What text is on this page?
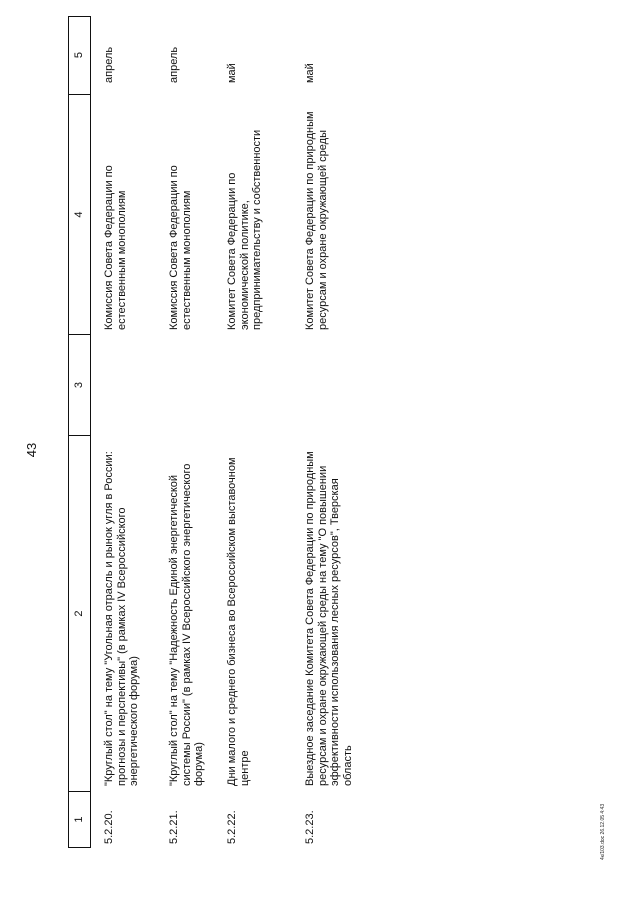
43
1
2
3
4
5
5.2.20.
"Круглый стол" на тему "Угольная отрасль и рынок угля в России: прогнозы и перспективы" (в рамках IV Всероссийского энергетического форума)
Комиссия Совета Федерации по естественным монополиям
апрель
5.2.21.
"Круглый стол" на тему "Надежность Единой энергетической системы России" (в рамках IV Всероссийского энергетического форума)
Комиссия Совета Федерации по естественным монополиям
апрель
5.2.22.
Дни малого и среднего бизнеса во Всероссийском выставочном центре
Комитет Совета Федерации по экономической политике, предпринимательству и собственности
май
5.2.23.
Выездное заседание Комитета Совета Федерации по природным ресурсам и охране окружающей среды на тему "О повышении эффективности использования лесных ресурсов", Тверская область
Комитет Совета Федерации по природным ресурсам и охране окружающей среды
май
4к/103.doc 26.12.05 4:43
